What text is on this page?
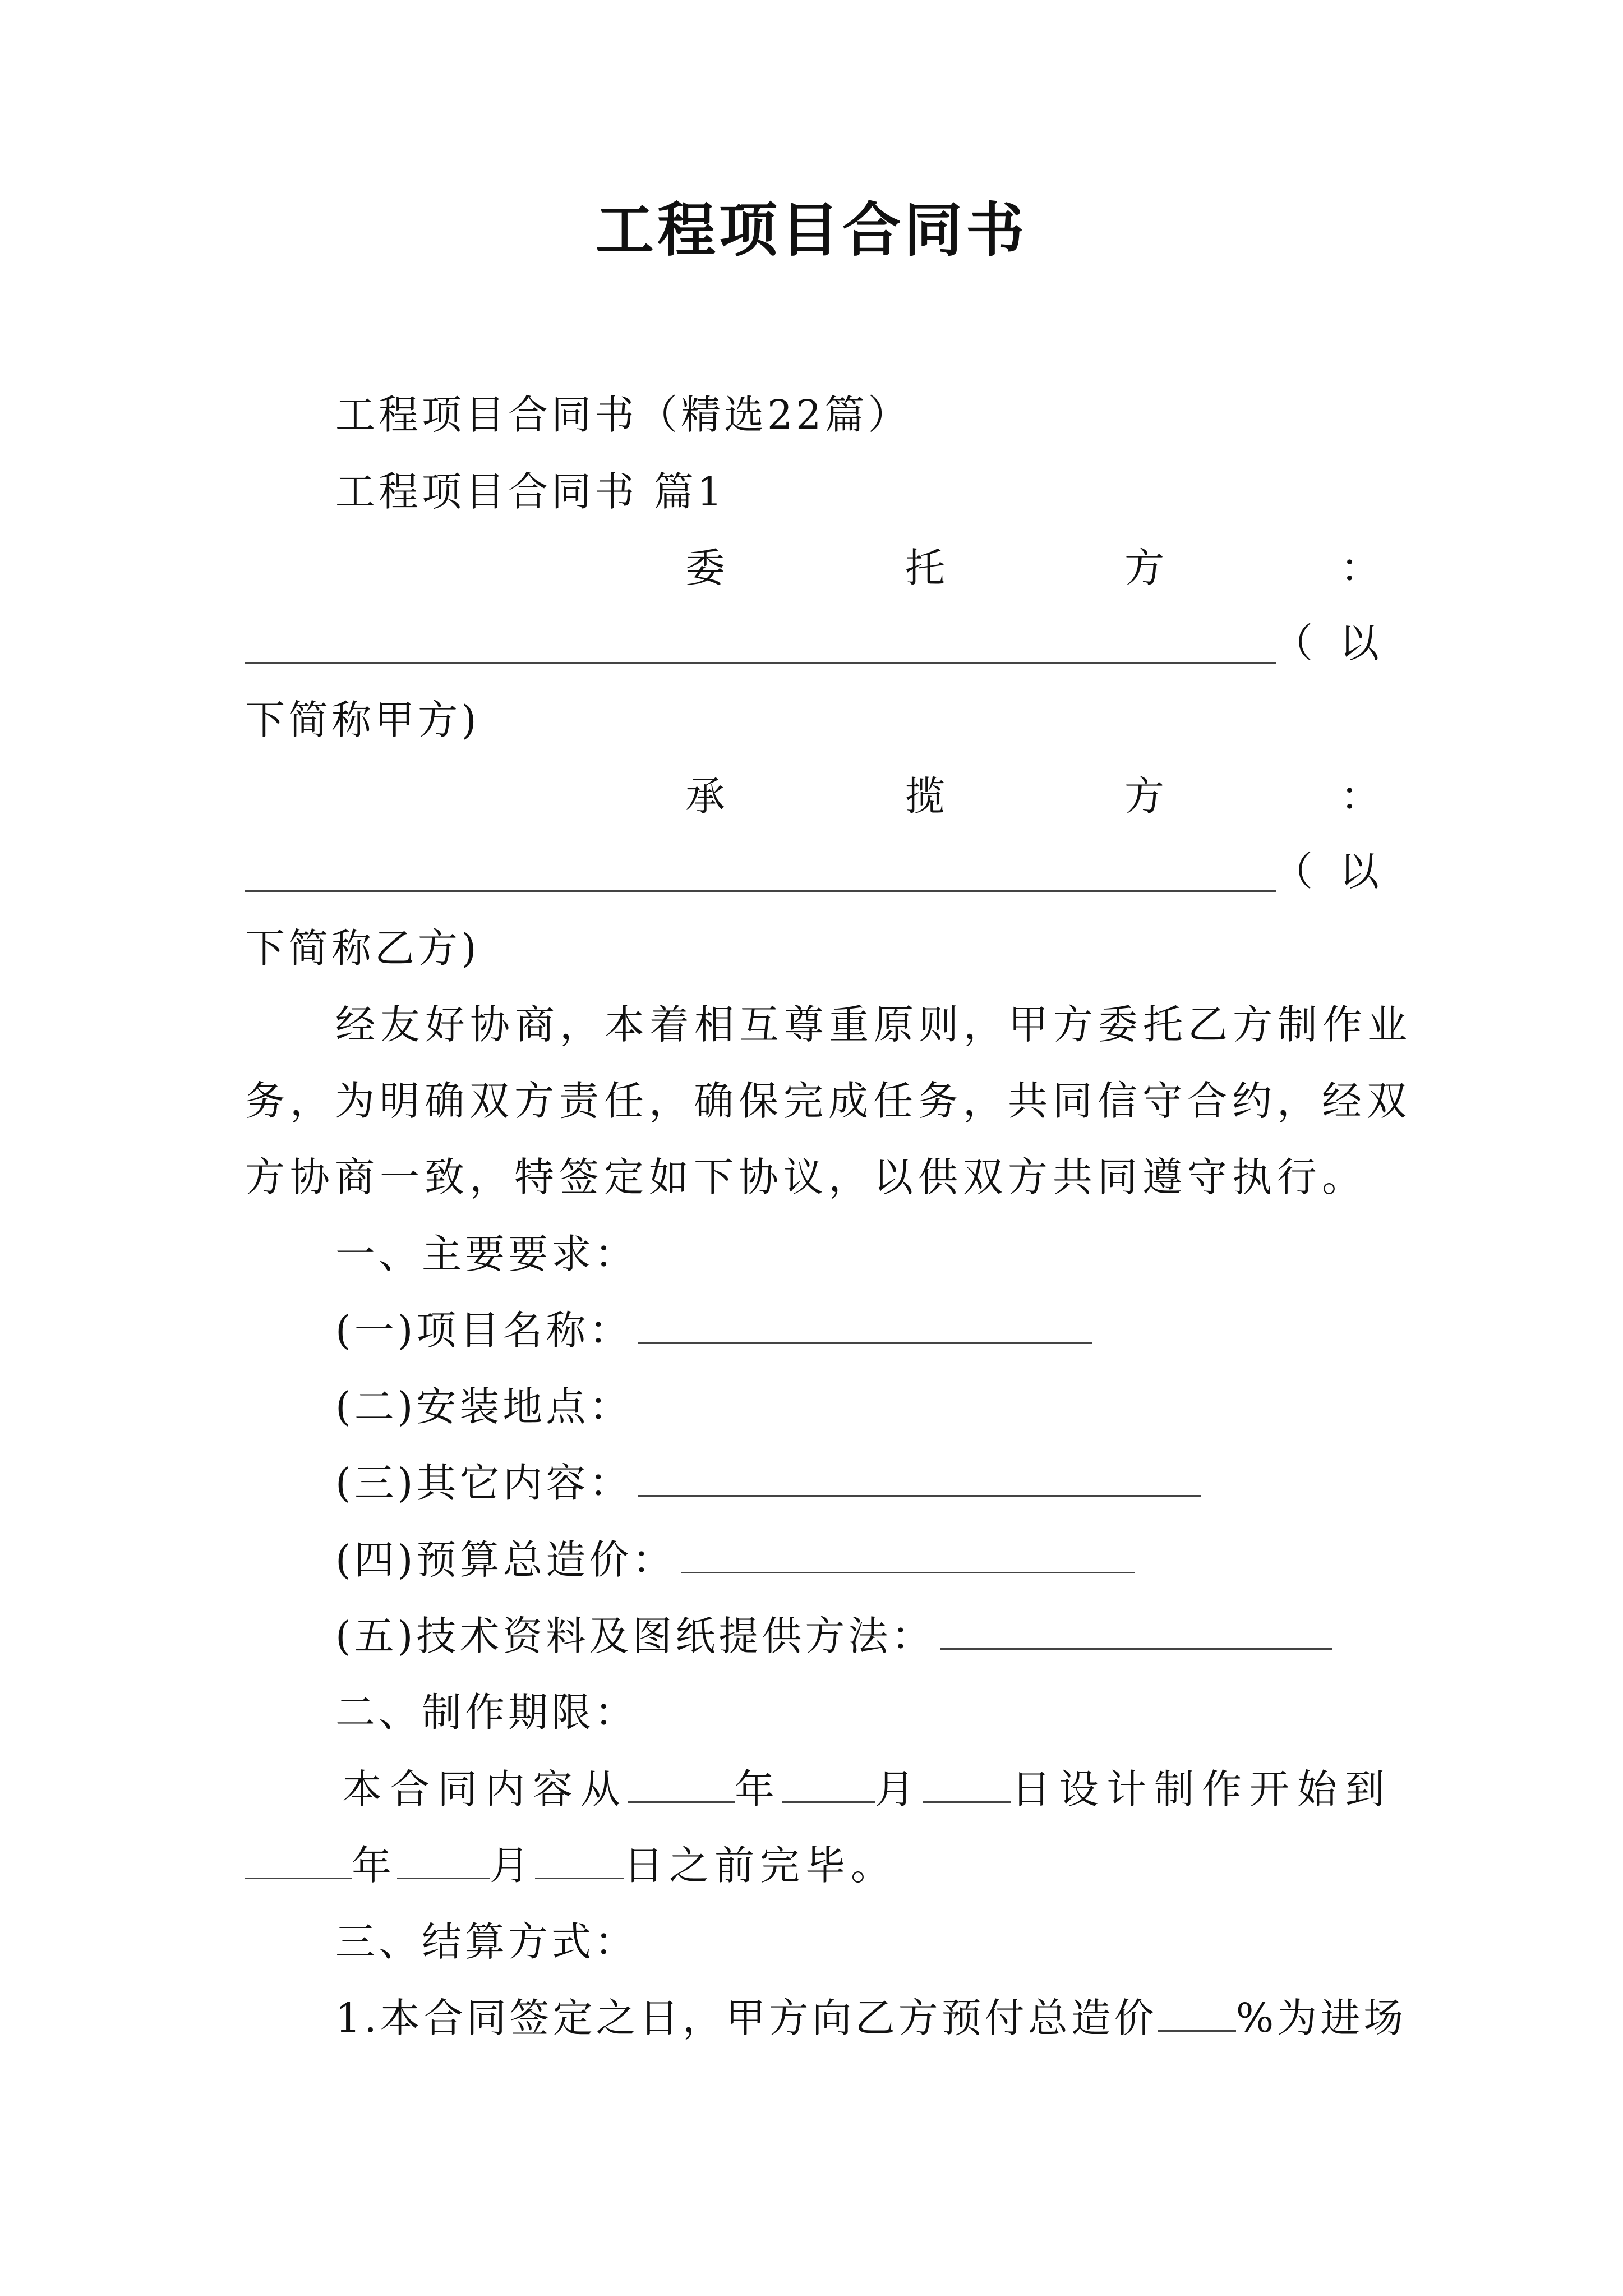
工程项目合同书
工程项目合同书（精选22篇）
工程项目合同书 篇1
委	托	方	：
（ 以
下简称甲方)
承	揽	方	：
（ 以
下简称乙方)
经友好协商，本着相互尊重原则，甲方委托乙方制作业
务，为明确双方责任，确保完成任务，共同信守合约，经双
方协商一致，特签定如下协议，以供双方共同遵守执行。
一、主要要求：
(一)项目名称：
(二)安装地点：
(三)其它内容：
(四)预算总造价：
(五)技术资料及图纸提供方法：
二、制作期限：
本合同内容从	年 月 日设计制作开始到
年 月 日之前完毕。
三、结算方式：
1.本合同签定之日，甲方向乙方预付总造价 %为进场
